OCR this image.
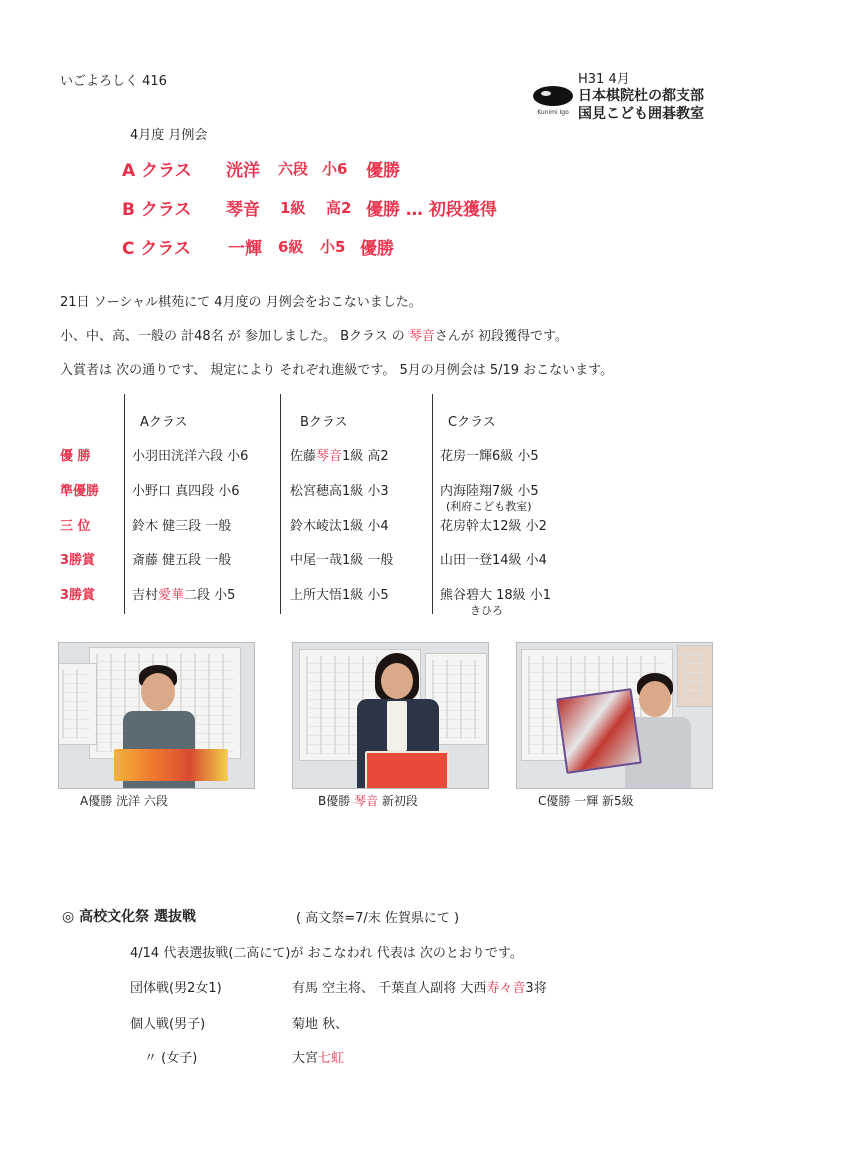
いごよろしく 416
Kunimi Igo
H31 4月
日本棋院杜の都支部
国見こども囲碁教室
4月度 月例会
A クラス 洸洋 六段 小6 優勝
B クラス 琴音 1級 高2 優勝 … 初段獲得
C クラス 一輝 6級 小5 優勝
21日 ソーシャル棋苑にて 4月度の 月例会をおこないました。
小、中、高、一般の 計48名 が 参加しました。 Bクラス の 琴音さんが 初段獲得です。
入賞者は 次の通りです、 規定により それぞれ進級です。 5月の月例会は 5/19 おこないます。
Aクラス	Bクラス	Cクラス
優 勝	小羽田洸洋六段 小6	佐藤琴音1級 高2	花房一輝6級 小5
準優勝	小野口 真四段 小6	松宮穂高1級 小3	内海陸翔7級 小5
(利府こども教室)
三 位	鈴木 健三段 一般	鈴木崚汰1級 小4	花房幹太12級 小2
3勝賞	斎藤 健五段 一般	中尾一哉1級 一般	山田一登14級 小4
3勝賞	吉村愛華二段 小5	上所大悟1級 小5	熊谷碧大 18級 小1
きひろ
A優勝 洸洋 六段	B優勝 琴音 新初段	C優勝 一輝 新5級
◎ 高校文化祭 選抜戦	( 高文祭=7/末 佐賀県にて )
4/14 代表選抜戦(二高にて)が おこなわれ 代表は 次のとおりです。
団体戦(男2女1)	有馬 空主将、 千葉直人副将 大西寿々音3将
個人戦(男子)	菊地 秋、
〃 (女子)	大宮七虹
